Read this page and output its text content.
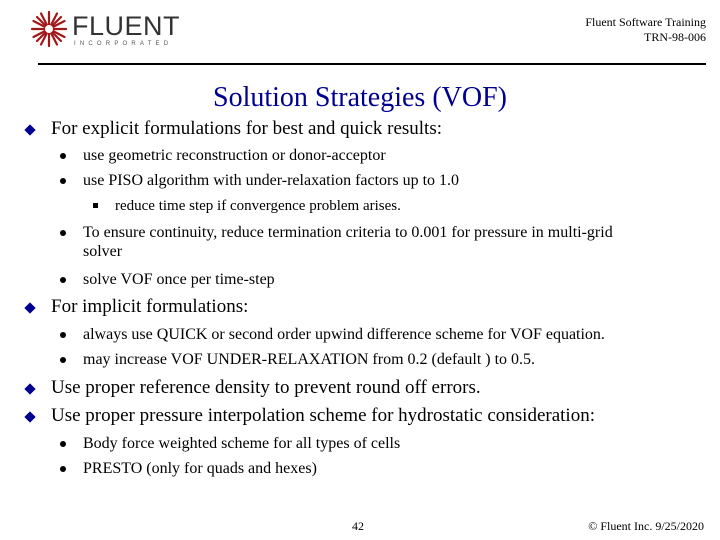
FLUENT
INCORPORATED
Fluent Software Training
TRN-98-006
Solution Strategies (VOF)
For explicit formulations for best and quick results:
use geometric reconstruction or donor-acceptor
use PISO algorithm with under-relaxation factors up to 1.0
reduce time step if convergence problem arises.
To ensure continuity, reduce termination criteria to 0.001 for pressure in multi-grid
solver
solve VOF once per time-step
For implicit formulations:
always use QUICK or second order upwind difference scheme for VOF equation.
may increase VOF UNDER-RELAXATION from 0.2 (default ) to 0.5.
Use proper reference density to prevent round off errors.
Use proper pressure interpolation scheme for hydrostatic consideration:
Body force weighted scheme for all types of cells
PRESTO (only for quads and hexes)
42	© Fluent Inc. 9/25/2020
